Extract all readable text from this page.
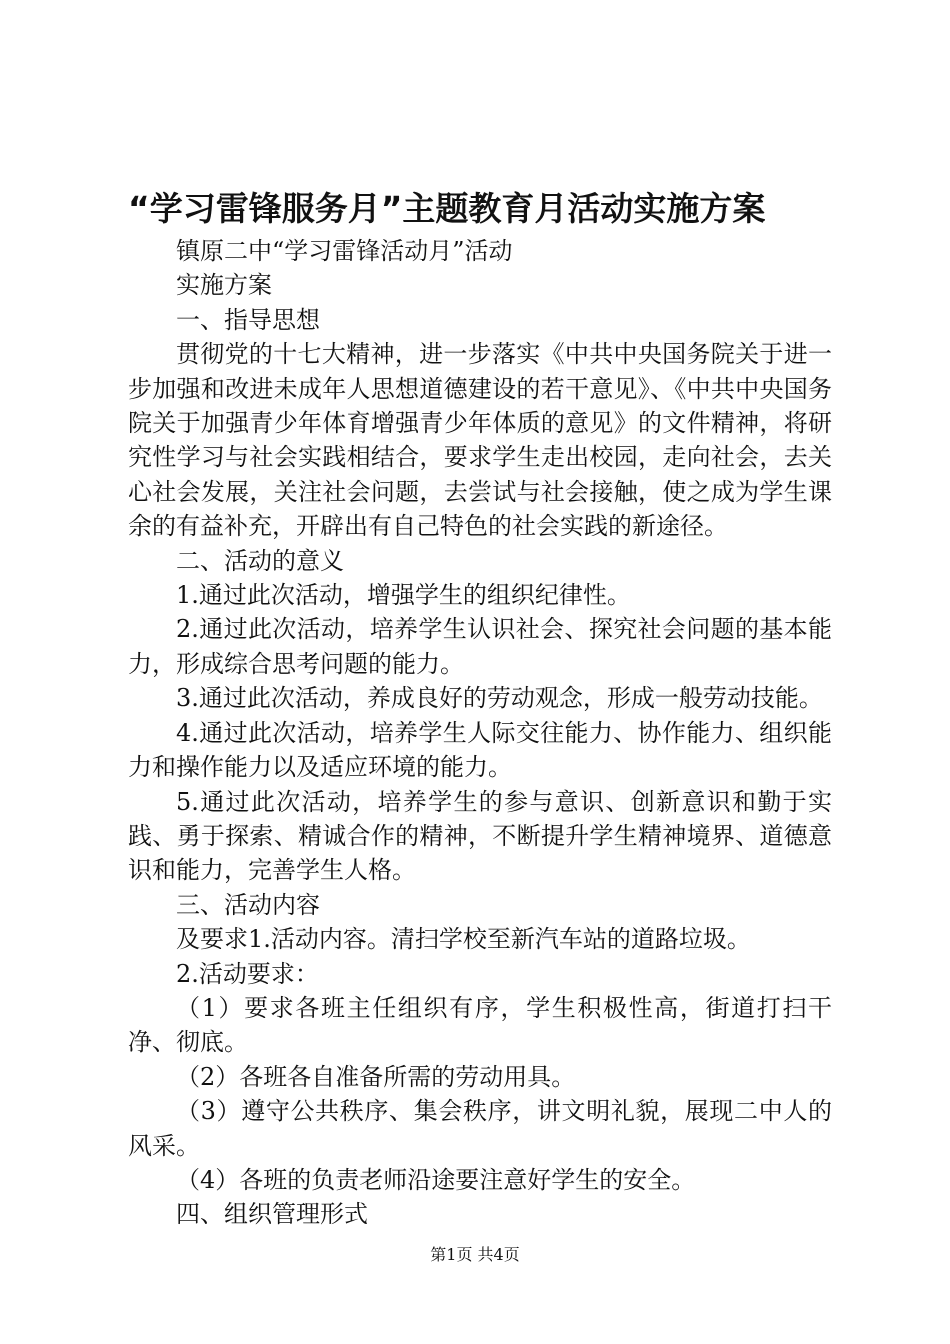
“学习雷锋服务月”主题教育月活动实施方案

镇原二中“学习雷锋活动月”活动

实施方案

一、指导思想

贯彻党的十七大精神，进一步落实《中共中央国务院关于进一步加强和改进未成年人思想道德建设的若干意见》、《中共中央国务院关于加强青少年体育增强青少年体质的意见》的文件精神，将研究性学习与社会实践相结合，要求学生走出校园，走向社会，去关心社会发展，关注社会问题，去尝试与社会接触，使之成为学生课余的有益补充，开辟出有自己特色的社会实践的新途径。

二、活动的意义

1.通过此次活动，增强学生的组织纪律性。

2.通过此次活动，培养学生认识社会、探究社会问题的基本能力，形成综合思考问题的能力。

3.通过此次活动，养成良好的劳动观念，形成一般劳动技能。

4.通过此次活动，培养学生人际交往能力、协作能力、组织能力和操作能力以及适应环境的能力。

5.通过此次活动，培养学生的参与意识、创新意识和勤于实践、勇于探索、精诚合作的精神，不断提升学生精神境界、道德意识和能力，完善学生人格。

三、活动内容

及要求1.活动内容。清扫学校至新汽车站的道路垃圾。

2.活动要求：

（1）要求各班主任组织有序，学生积极性高，街道打扫干净、彻底。

（2）各班各自准备所需的劳动用具。

（3）遵守公共秩序、集会秩序，讲文明礼貌，展现二中人的风采。

（4）各班的负责老师沿途要注意好学生的安全。

四、组织管理形式

第1页 共4页
